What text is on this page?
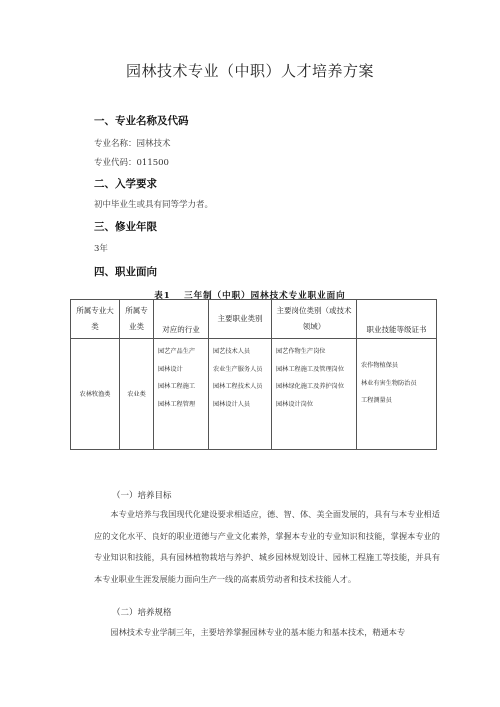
园林技术专业（中职）人才培养方案
一、专业名称及代码
专业名称：园林技术
专业代码：011500
二、入学要求
初中毕业生或具有同等学力者。
三、修业年限
3年
四、职业面向
表1　 三年制（中职）园林技术专业职业面向
所属专业大类	所属专业类	对应的行业	主要职业类别	主要岗位类别（或技术领域）	职业技能等级证书
农林牧渔类	农业类	园艺产品生产
园林设计
园林工程施工
园林工程管理	园艺技术人员
农业生产服务人员
园林工程技术人员
园林设计人员	园艺作物生产岗位
园林工程施工及管理岗位
园林绿化施工及养护岗位
园林设计岗位	农作物植保员
林业有害生物防治员
工程测量员
（一）培养目标
本专业培养与我国现代化建设要求相适应，德、智、体、美全面发展的，具有与本专业相适应的文化水平、良好的职业道德与产业文化素养，掌握本专业的专业知识和技能，掌握本专业的专业知识和技能，具有园林植物栽培与养护、城乡园林规划设计、园林工程施工等技能，并具有本专业职业生涯发展能力面向生产一线的高素质劳动者和技术技能人才。
（二）培养规格
园林技术专业学制三年，主要培养掌握园林专业的基本能力和基本技术，精通本专
